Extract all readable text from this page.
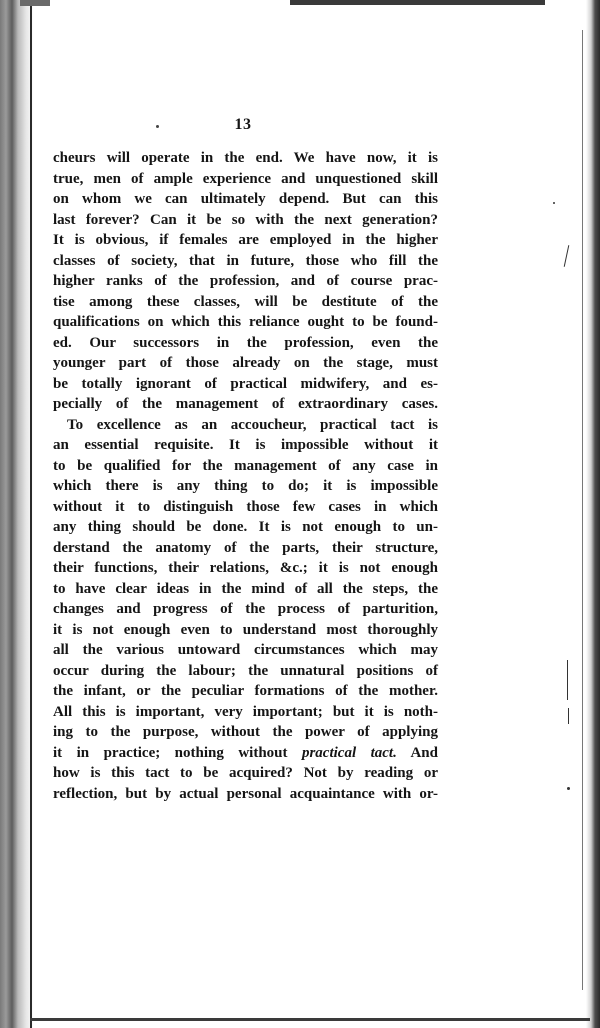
13
cheurs will operate in the end. We have now, it is
true, men of ample experience and unquestioned skill
on whom we can ultimately depend. But can this
last forever? Can it be so with the next generation?
It is obvious, if females are employed in the higher
classes of society, that in future, those who fill the
higher ranks of the profession, and of course prac-
tise among these classes, will be destitute of the
qualifications on which this reliance ought to be found-
ed. Our successors in the profession, even the
younger part of those already on the stage, must
be totally ignorant of practical midwifery, and es-
pecially of the management of extraordinary cases.
To excellence as an accoucheur, practical tact is
an essential requisite. It is impossible without it
to be qualified for the management of any case in
which there is any thing to do; it is impossible
without it to distinguish those few cases in which
any thing should be done. It is not enough to un-
derstand the anatomy of the parts, their structure,
their functions, their relations, &c.; it is not enough
to have clear ideas in the mind of all the steps, the
changes and progress of the process of parturition,
it is not enough even to understand most thoroughly
all the various untoward circumstances which may
occur during the labour; the unnatural positions of
the infant, or the peculiar formations of the mother.
All this is important, very important; but it is noth-
ing to the purpose, without the power of applying
it in practice; nothing without practical tact. And
how is this tact to be acquired? Not by reading or
reflection, but by actual personal acquaintance with or-
